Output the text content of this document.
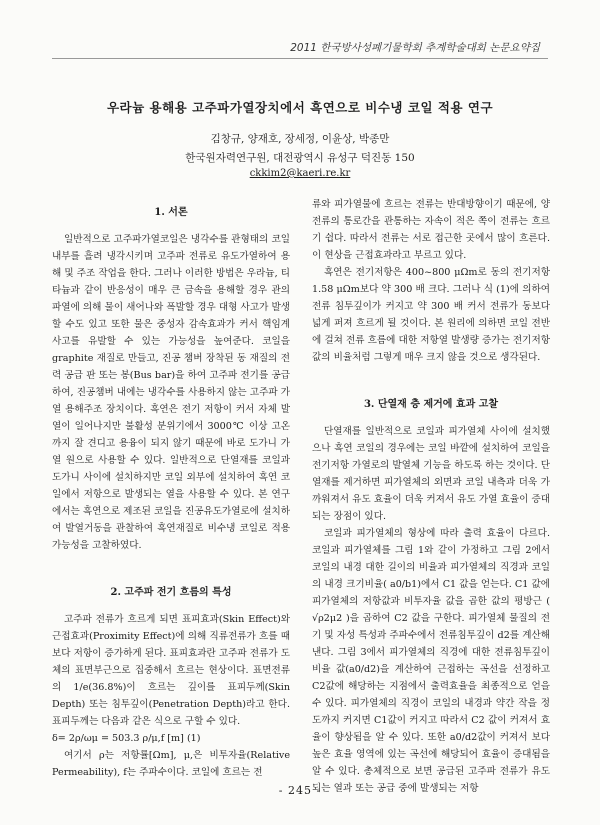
2011 한국방사성폐기물학회 추계학술대회 논문요약집
우라늄 용해용 고주파가열장치에서 흑연으로 비수냉 코일 적용 연구
김창규, 양재호, 장세정, 이윤상, 박종만
한국원자력연구원, 대전광역시 유성구 덕진동 150
ckkim2@kaeri.re.kr
1. 서론

일반적으로 고주파가열코일은 냉각수를 관형태의 코일 내부를 흘려 냉각시키며 고주파 전류로 유도가열하여 용해 및 주조 작업을 한다. 그러나 이러한 방법은 우라늄, 티타늄과 같이 반응성이 매우 큰 금속을 용해할 경우 관의 파열에 의해 물이 새어나와 폭발할 경우 대형 사고가 발생할 수도 있고 또한 물은 중성자 감속효과가 커서 핵임계 사고를 유발할 수 있는 가능성을 높여준다. 코일을 graphite 재질로 만들고, 진공 챔버 장착된 동 재질의 전력 공급 판 또는 봉(Bus bar)을 하여 고주파 전기를 공급하여, 진공챔버 내에는 냉각수를 사용하지 않는 고주파 가열 용해주조 장치이다. 흑연은 전기 저항이 커서 자체 발열이 일어나지만 불활성 분위기에서 3000℃ 이상 고온까지 잘 견디고 용융이 되지 않기 때문에 바로 도가니 가열 원으로 사용할 수 있다. 일반적으로 단열재를 코일과 도가니 사이에 설치하지만 코일 외부에 설치하여 흑연 코일에서 저항으로 발생되는 열을 사용할 수 있다. 본 연구에서는 흑연으로 제조된 코일을 진공유도가열로에 설치하여 발열거동을 관찰하여 흑연재질로 비수냉 코일로 적용 가능성을 고찰하였다.

2. 고주파 전기 흐름의 특성

고주파 전류가 흐르게 되면 표피효과(Skin Effect)와 근접효과(Proximity Effect)에 의해 직류전류가 흐를 때보다 저항이 증가하게 된다. 표피효과란 고주파 전류가 도체의 표면부근으로 집중해서 흐르는 현상이다. 표면전류의 1/e(36.8%)이 흐르는 깊이를 표피두께(Skin Depth) 또는 침투깊이(Penetration Depth)라고 한다. 표피두께는 다음과 같은 식으로 구할 수 있다.

δ= 2ρ/ωμ = 503.3 ρ/μ,f [m] (1)

여기서 ρ는 저항률[Ωm], μ,은 비투자율(Relative Permeability), f는 주파수이다. 코일에 흐르는 전

류와 피가열물에 흐르는 전류는 반대방향이기 때문에, 양전류의 통로간을 관통하는 자속이 적은 쪽이 전류는 흐르기 쉽다. 따라서 전류는 서로 접근한 곳에서 많이 흐른다. 이 현상을 근접효과라고 부르고 있다.

흑연은 전기저항은 400~800 μΩm로 동의 전기저항 1.58 μΩm보다 약 300 배 크다. 그러나 식 (1)에 의하여 전류 침투깊이가 커지고 약 300 배 커서 전류가 동보다 넓게 퍼져 흐르게 될 것이다. 본 원리에 의하면 코일 전반에 걸쳐 전류 흐름에 대한 저항열 발생량 증가는 전기저항 값의 비율처럼 그렇게 매우 크지 않을 것으로 생각된다.

3. 단열재 층 제거에 효과 고찰

단열재를 일반적으로 코일과 피가열체 사이에 설치했으나 흑연 코일의 경우에는 코일 바깥에 설치하여 코일을 전기저항 가열로의 발열체 기능을 하도록 하는 것이다. 단열재를 제거하면 피가열체의 외면과 코일 내측과 더욱 가까워져서 유도 효율이 더욱 커져서 유도 가열 효율이 증대되는 장점이 있다.

코일과 피가열체의 형상에 따라 출력 효율이 다르다. 코일과 피가열체를 그림 1와 같이 가정하고 그림 2에서 코일의 내경 대한 길이의 비율과 피가열체의 직경과 코일의 내경 크기비율( a0/b1)에서 C1 값을 얻는다. C1 값에 피가열체의 저항값과 비투자율 값을 곱한 값의 평방근 ( √ρ2μ2 )을 곱하여 C2 값을 구한다. 피가열체 물질의 전기 및 자성 특성과 주파수에서 전류침투깊이 d2를 계산해 낸다. 그림 3에서 피가열체의 직경에 대한 전류침투깊이 비율 값(a0/d2)을 계산하여 근접하는 곡선을 선정하고 C2값에 해당하는 지점에서 출력효율을 최종적으로 얻을 수 있다. 피가열체의 직경이 코일의 내경과 약간 작을 정도까지 커지면 C1값이 커지고 따라서 C2 값이 커져서 효율이 향상됨을 알 수 있다. 또한 a0/d2값이 커져서 보다 높은 효율 영역에 있는 곡선에 해당되어 효율이 증대됨을 알 수 있다. 총체적으로 보면 공급된 고주파 전류가 유도되는 열과 또는 공급 중에 발생되는 저항

- 245 -
